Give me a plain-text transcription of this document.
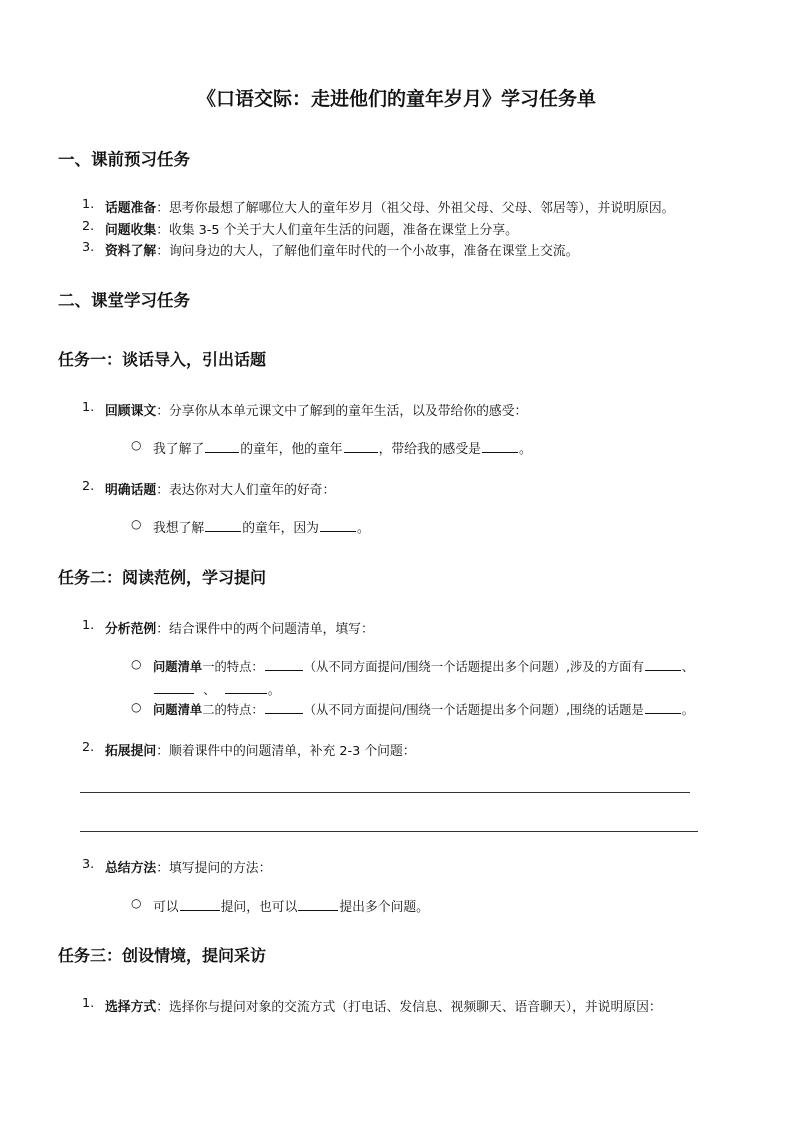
《口语交际：走进他们的童年岁月》学习任务单
一、课前预习任务
1. 话题准备：思考你最想了解哪位大人的童年岁月（祖父母、外祖父母、父母、邻居等），并说明原因。
2. 问题收集：收集 3-5 个关于大人们童年生活的问题，准备在课堂上分享。
3. 资料了解：询问身边的大人，了解他们童年时代的一个小故事，准备在课堂上交流。
二、课堂学习任务
任务一：谈话导入，引出话题
1. 回顾课文：分享你从本单元课文中了解到的童年生活，以及带给你的感受：
○ 我了解了	的童年，他的童年	，带给我的感受是	。
2. 明确话题：表达你对大人们童年的好奇：
○ 我想了解	的童年，因为	。
任务二：阅读范例，学习提问
1. 分析范例：结合课件中的两个问题清单，填写：
○ 问题清单一的特点：	（从不同方面提问/围绕一个话题提出多个问题）,涉及的方面有	、
、	。
○ 问题清单二的特点：	（从不同方面提问/围绕一个话题提出多个问题）,围绕的话题是	。
2. 拓展提问：顺着课件中的问题清单，补充 2-3 个问题：
3. 总结方法：填写提问的方法：
○ 可以	提问，也可以	提出多个问题。
任务三：创设情境，提问采访
1. 选择方式：选择你与提问对象的交流方式（打电话、发信息、视频聊天、语音聊天），并说明原因：
